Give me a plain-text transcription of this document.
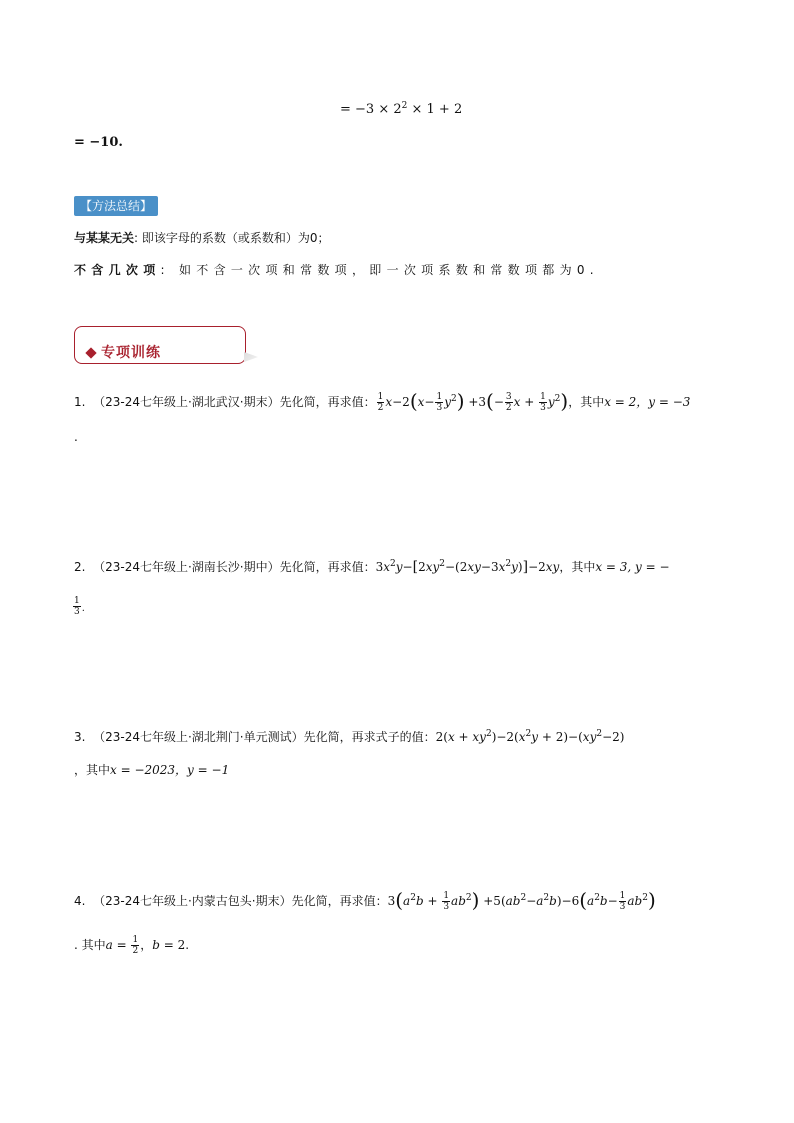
= $-3 \times 2^2 \times 1 + 2$
= −10.
【方法总结】
与某某无关: 即该字母的系数（或系数和）为0；
不含几次项: 如不含一次项和常数项，即一次项系数和常数项都为0.
专项训练
1. （23-24七年级上·湖北武汉·期末）先化简，再求值： $\frac{1}{2} x-2(x- \frac{1}{3} y^2) +3(- \frac{3}{2}$ $x + \frac{1}{3} y^2$)，其中x = 2，y = −3
.
2. （23-24七年级上·湖南长沙·期中）先化简，再求值：$3x^2y-[2xy^2-(2xy-3x^2y)]-2xy$，其中x = 3, y = −
$\frac{1}{3}$ .
3. （23-24七年级上·湖北荆门·单元测试）先化简，再求式子的值：$2(x + xy^2)-2(x^2y + 2)-(xy^2-2)$
，其中x = −2023，y = −1
4. （23-24七年级上·内蒙古包头·期末）先化简，再求值：$3(a^2b + \frac{1}{3} ab^2) +5(ab^2-a^2b)-6(a^2b- \frac{1}{3} ab^2)$
. 其中$a = \frac{1}{2}$ ，b = 2.
